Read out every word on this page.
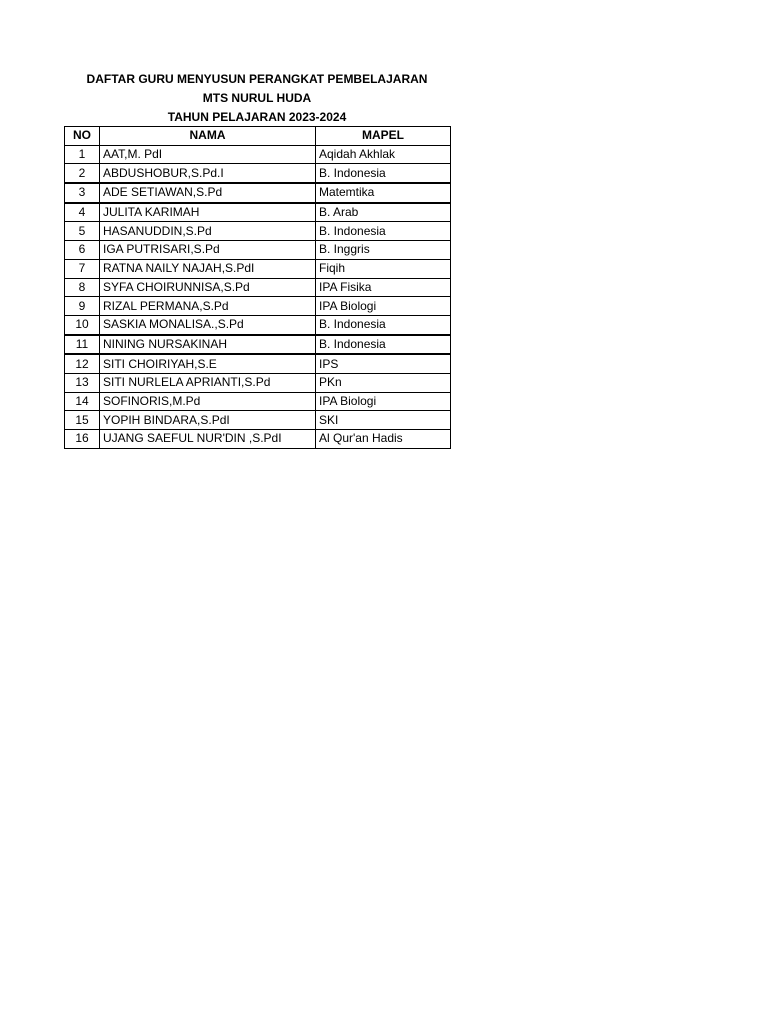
DAFTAR GURU MENYUSUN PERANGKAT PEMBELAJARAN
MTS NURUL HUDA
TAHUN PELAJARAN 2023-2024
NO	NAMA	MAPEL
1	AAT,M. PdI	Aqidah Akhlak
2	ABDUSHOBUR,S.Pd.I	B. Indonesia
3	ADE SETIAWAN,S.Pd	Matemtika
4	JULITA KARIMAH	B. Arab
5	HASANUDDIN,S.Pd	B. Indonesia
6	IGA PUTRISARI,S.Pd	B. Inggris
7	RATNA NAILY NAJAH,S.PdI	Fiqih
8	SYFA CHOIRUNNISA,S.Pd	IPA Fisika
9	RIZAL PERMANA,S.Pd	IPA Biologi
10	SASKIA MONALISA.,S.Pd	B. Indonesia
11	NINING NURSAKINAH	B. Indonesia
12	SITI CHOIRIYAH,S.E	IPS
13	SITI NURLELA APRIANTI,S.Pd	PKn
14	SOFINORIS,M.Pd	IPA Biologi
15	YOPIH BINDARA,S.PdI	SKI
16	UJANG SAEFUL NUR'DIN ,S.PdI	Al Qur'an Hadis
